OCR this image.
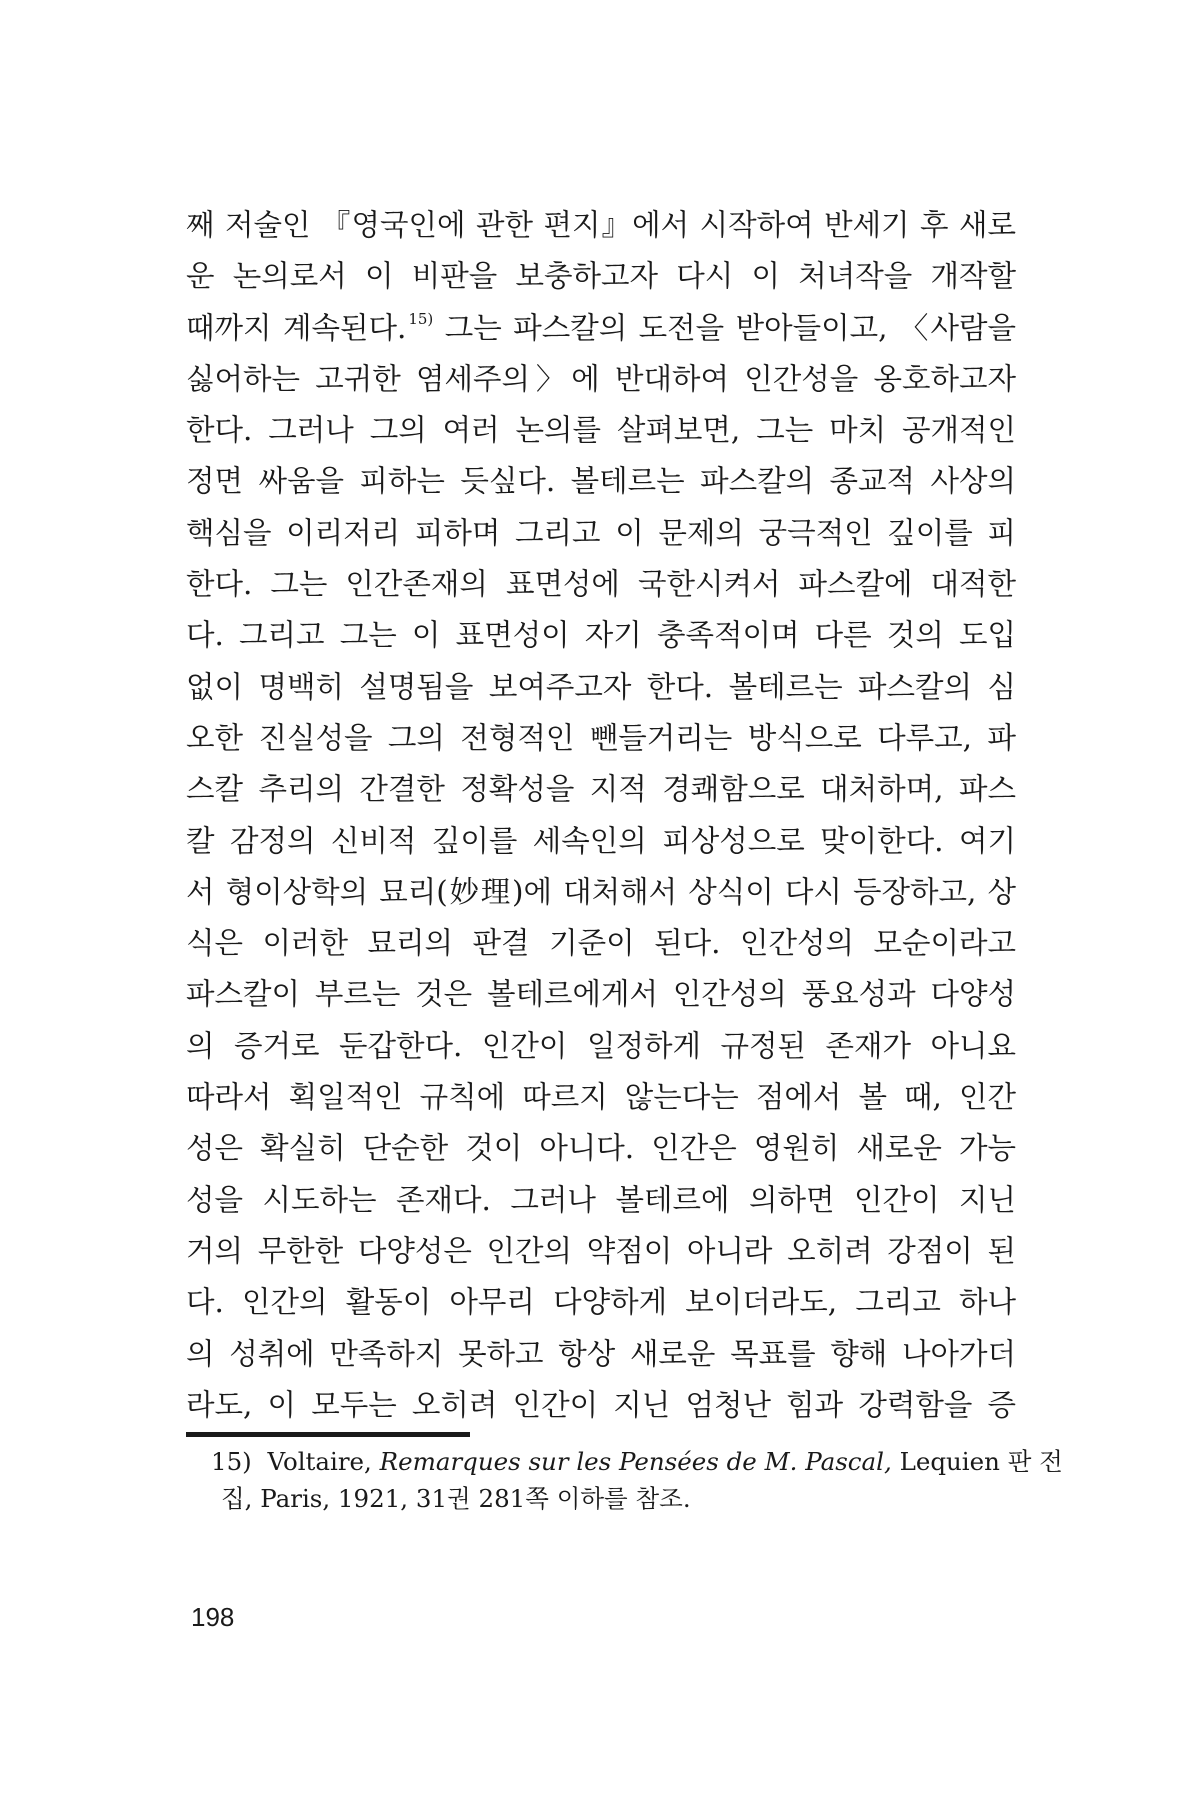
째 저술인 『영국인에 관한 편지』에서 시작하여 반세기 후 새로
운 논의로서 이 비판을 보충하고자 다시 이 처녀작을 개작할
때까지 계속된다. $^{15)}$ 그는 파스칼의 도전을 받아들이고, 〈사람을
싫어하는 고귀한 염세주의〉에 반대하여 인간성을 옹호하고자
한다. 그러나 그의 여러 논의를 살펴보면, 그는 마치 공개적인
정면 싸움을 피하는 듯싶다. 볼테르는 파스칼의 종교적 사상의
핵심을 이리저리 피하며 그리고 이 문제의 궁극적인 깊이를 피
한다. 그는 인간존재의 표면성에 국한시켜서 파스칼에 대적한
다. 그리고 그는 이 표면성이 자기 충족적이며 다른 것의 도입
없이 명백히 설명됨을 보여주고자 한다. 볼테르는 파스칼의 심
오한 진실성을 그의 전형적인 뺀들거리는 방식으로 다루고, 파
스칼 추리의 간결한 정확성을 지적 경쾌함으로 대처하며, 파스
칼 감정의 신비적 깊이를 세속인의 피상성으로 맞이한다. 여기
서 형이상학의 묘리(妙理)에 대처해서 상식이 다시 등장하고, 상
식은 이러한 묘리의 판결 기준이 된다. 인간성의 모순이라고
파스칼이 부르는 것은 볼테르에게서 인간성의 풍요성과 다양성
의 증거로 둔갑한다. 인간이 일정하게 규정된 존재가 아니요
따라서 획일적인 규칙에 따르지 않는다는 점에서 볼 때, 인간
성은 확실히 단순한 것이 아니다. 인간은 영원히 새로운 가능
성을 시도하는 존재다. 그러나 볼테르에 의하면 인간이 지닌
거의 무한한 다양성은 인간의 약점이 아니라 오히려 강점이 된
다. 인간의 활동이 아무리 다양하게 보이더라도, 그리고 하나
의 성취에 만족하지 못하고 항상 새로운 목표를 향해 나아가더
라도, 이 모두는 오히려 인간이 지닌 엄청난 힘과 강력함을 증
15) Voltaire, Remarques sur les Pensées de M. Pascal, Lequien 판 전
집, Paris, 1921, 31권 281쪽 이하를 참조.
198
